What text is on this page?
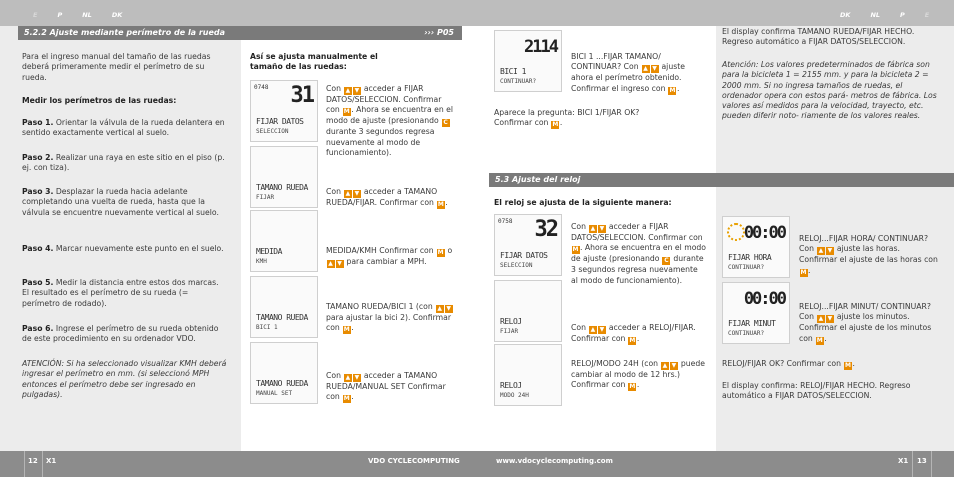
E	P	NL	DK	DK	NL	P	E
5.2.2 Ajuste mediante perímetro de la rueda	››› P05
Para el ingreso manual del tamaño de las ruedas deberá primeramente medir el perímetro de su rueda.
Medir los perímetros de las ruedas:
Paso 1. Orientar la válvula de la rueda delantera en sentido exactamente vertical al suelo.
Paso 2. Realizar una raya en este sitio en el piso (p. ej. con tiza).
Paso 3. Desplazar la rueda hacia adelante completando una vuelta de rueda, hasta que la válvula se encuentre nuevamente vertical al suelo.
Paso 4. Marcar nuevamente este punto en el suelo.
Paso 5. Medir la distancia entre estos dos marcas. El resultado es el perímetro de su rueda (= perímetro de rodado).
Paso 6. Ingrese el perímetro de su rueda obtenido de este procedimiento en su ordenador VDO.
ATENCIÓN: Si ha seleccionado visualizar KMH deberá ingresar el perímetro en mm. (si seleccionó MPH entonces el perímetro debe ser ingresado en pulgadas).
Así se ajusta manualmente el tamaño de las ruedas:
0748 31
FIJAR DATOS
SELECCION
Con ▲ ▼ acceder a FIJAR DATOS/SELECCION. Confirmar con M . Ahora se encuentra en el modo de ajuste (presionando C durante 3 segundos regresa nuevamente al modo de funcionamiento).
TAMANO RUEDA
FIJAR
Con ▲ ▼ acceder a TAMANO RUEDA/FIJAR. Confirmar con M .
MEDIDA
KMH
MEDIDA/KMH Confirmar con M o ▲ ▼ para cambiar a MPH.
TAMANO RUEDA
BICI 1
TAMANO RUEDA/BICI 1 (con ▲ ▼ para ajustar la bici 2). Confirmar con M .
TAMANO RUEDA
MANUAL SET
Con ▲ ▼ acceder a TAMANO RUEDA/MANUAL SET Confirmar con M .
2114
BICI 1
CONTINUAR?
BICI 1 ...FIJAR TAMANO/ CONTINUAR? Con ▲ ▼ ajuste ahora el perímetro obtenido. Confirmar el ingreso con M .
Aparece la pregunta: BICI 1/FIJAR OK? Confirmar con M .
5.3 Ajuste del reloj
El reloj se ajusta de la siguiente manera:
0758 32
FIJAR DATOS
SELECCION
Con ▲ ▼ acceder a FIJAR DATOS/SELECCION. Confirmar con M . Ahora se encuentra en el modo de ajuste (presionando C durante 3 segundos regresa nuevamente al modo de funcionamiento).
RELOJ
FIJAR	Con ▲ ▼ acceder a RELOJ/FIJAR. Confirmar con M .
RELOJ
MODO 24H
RELOJ/MODO 24H (con ▲ ▼ puede cambiar al modo de 12 hrs.) Confirmar con M .
El display confirma TAMANO RUEDA/FIJAR HECHO. Regreso automático a FIJAR DATOS/SELECCION.
Atención: Los valores predeterminados de fábrica son para la bicicleta 1 = 2155 mm. y para la bicicleta 2 = 2000 mm. Si no ingresa tamaños de ruedas, el ordenador opera con estos pará- metros de fábrica. Los valores así medidos para la velocidad, trayecto, etc. pueden diferir noto- riamente de los valores reales.
00:00
FIJAR HORA
CONTINUAR?
RELOJ...FIJAR HORA/ CONTINUAR? Con ▲ ▼ ajuste las horas. Confirmar el ajuste de las horas con M .
00:00
FIJAR MINUT
CONTINUAR?
RELOJ...FIJAR MINUT/ CONTINUAR? Con ▲ ▼ ajuste los minutos. Confirmar el ajuste de los minutos con M .
RELOJ/FIJAR OK? Confirmar con M .
El display confirma: RELOJ/FIJAR HECHO. Regreso automático a FIJAR DATOS/SELECCION.
12 X1	VDO CYCLECOMPUTING	www.vdocyclecomputing.com	X1 13
